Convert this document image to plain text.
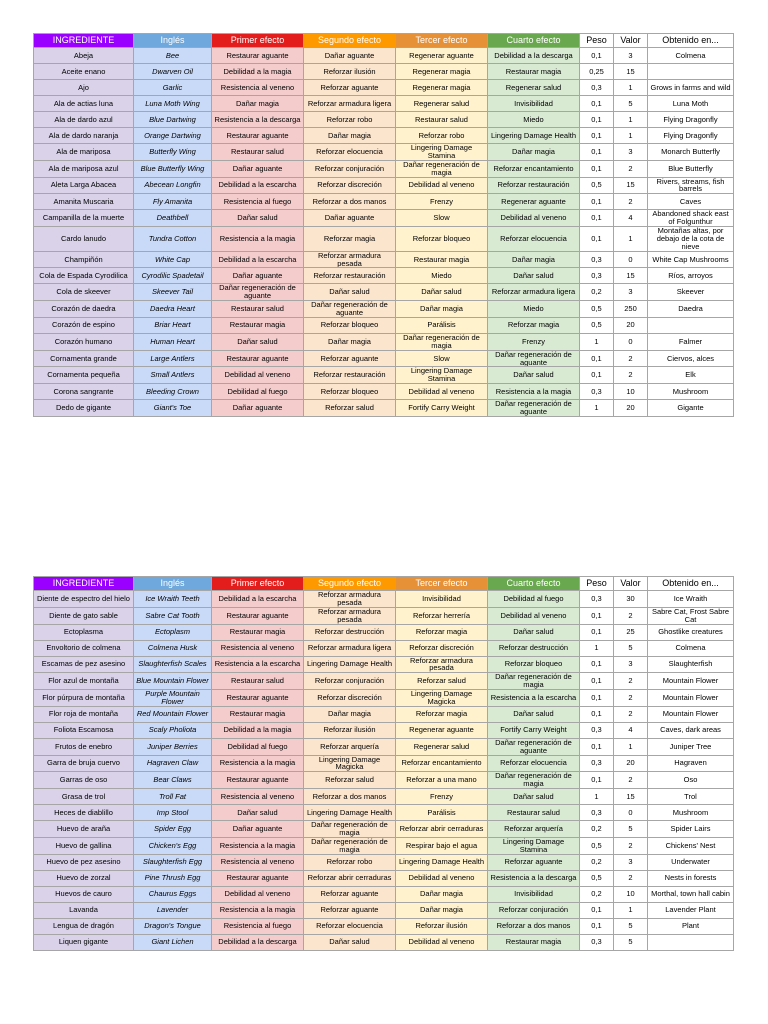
INGREDIENTE	Inglés	Primer efecto	Segundo efecto	Tercer efecto	Cuarto efecto	Peso	Valor	Obtenido en...
Abeja	Bee	Restaurar aguante	Dañar aguante	Regenerar aguante	Debilidad a la descarga	0,1	3	Colmena
Aceite enano	Dwarven Oil	Debilidad a la magia	Reforzar ilusión	Regenerar magia	Restaurar magia	0,25	15	
Ajo	Garlic	Resistencia al veneno	Reforzar aguante	Regenerar magia	Regenerar salud	0,3	1	Grows in farms and wild
Ala de actias luna	Luna Moth Wing	Dañar magia	Reforzar armadura ligera	Regenerar salud	Invisibilidad	0,1	5	Luna Moth
Ala de dardo azul	Blue Dartwing	Resistencia a la descarga	Reforzar robo	Restaurar salud	Miedo	0,1	1	Flying Dragonfly
Ala de dardo naranja	Orange Dartwing	Restaurar aguante	Dañar magia	Reforzar robo	Lingering Damage Health	0,1	1	Flying Dragonfly
Ala de mariposa	Butterfly Wing	Restaurar salud	Reforzar elocuencia	Lingering Damage Stamina	Dañar magia	0,1	3	Monarch Butterfly
Ala de mariposa azul	Blue Butterfly Wing	Dañar aguante	Reforzar conjuración	Dañar regeneración de magia	Reforzar encantamiento	0,1	2	Blue Butterfly
Aleta Larga Abacea	Abecean Longfin	Debilidad a la escarcha	Reforzar discreción	Debilidad al veneno	Reforzar restauración	0,5	15	Rivers, streams, fish barrels
Amanita Muscaria	Fly Amanita	Resistencia al fuego	Reforzar a dos manos	Frenzy	Regenerar aguante	0,1	2	Caves
Campanilla de la muerte	Deathbell	Dañar salud	Dañar aguante	Slow	Debilidad al veneno	0,1	4	Abandoned shack east of Folgunthur
Cardo lanudo	Tundra Cotton	Resistencia a la magia	Reforzar magia	Reforzar bloqueo	Reforzar elocuencia	0,1	1	Montañas altas, por debajo de la cota de nieve
Champiñón	White Cap	Debilidad a la escarcha	Reforzar armadura pesada	Restaurar magia	Dañar magia	0,3	0	White Cap Mushrooms
Cola de Espada Cyrodilica	Cyrodilic Spadetail	Dañar aguante	Reforzar restauración	Miedo	Dañar salud	0,3	15	Ríos, arroyos
Cola de skeever	Skeever Tail	Dañar regeneración de aguante	Dañar salud	Dañar salud	Reforzar armadura ligera	0,2	3	Skeever
Corazón de daedra	Daedra Heart	Restaurar salud	Dañar regeneración de aguante	Dañar magia	Miedo	0,5	250	Daedra
Corazón de espino	Briar Heart	Restaurar magia	Reforzar bloqueo	Parálisis	Reforzar magia	0,5	20	
Corazón humano	Human Heart	Dañar salud	Dañar magia	Dañar regeneración de magia	Frenzy	1	0	Falmer
Cornamenta grande	Large Antlers	Restaurar aguante	Reforzar aguante	Slow	Dañar regeneración de aguante	0,1	2	Ciervos, alces
Cornamenta pequeña	Small Antlers	Debilidad al veneno	Reforzar restauración	Lingering Damage Stamina	Dañar salud	0,1	2	Elk
Corona sangrante	Bleeding Crown	Debilidad al fuego	Reforzar bloqueo	Debilidad al veneno	Resistencia a la magia	0,3	10	Mushroom
Dedo de gigante	Giant's Toe	Dañar aguante	Reforzar salud	Fortify Carry Weight	Dañar regeneración de aguante	1	20	Gigante
INGREDIENTE	Inglés	Primer efecto	Segundo efecto	Tercer efecto	Cuarto efecto	Peso	Valor	Obtenido en...
Diente de espectro del hielo	Ice Wraith Teeth	Debilidad a la escarcha	Reforzar armadura pesada	Invisibilidad	Debilidad al fuego	0,3	30	Ice Wraith
Diente de gato sable	Sabre Cat Tooth	Restaurar aguante	Reforzar armadura pesada	Reforzar herrería	Debilidad al veneno	0,1	2	Sabre Cat, Frost Sabre Cat
Ectoplasma	Ectoplasm	Restaurar magia	Reforzar destrucción	Reforzar magia	Dañar salud	0,1	25	Ghostlike creatures
Envoltorio de colmena	Colmena Husk	Resistencia al veneno	Reforzar armadura ligera	Reforzar discreción	Reforzar destrucción	1	5	Colmena
Escamas de pez asesino	Slaughterfish Scales	Resistencia a la escarcha	Lingering Damage Health	Reforzar armadura pesada	Reforzar bloqueo	0,1	3	Slaughterfish
Flor azul de montaña	Blue Mountain Flower	Restaurar salud	Reforzar conjuración	Reforzar salud	Dañar regeneración de magia	0,1	2	Mountain Flower
Flor púrpura de montaña	Purple Mountain Flower	Restaurar aguante	Reforzar discreción	Lingering Damage Magicka	Resistencia a la escarcha	0,1	2	Mountain Flower
Flor roja de montaña	Red Mountain Flower	Restaurar magia	Dañar magia	Reforzar magia	Dañar salud	0,1	2	Mountain Flower
Foliota Escamosa	Scaly Pholiota	Debilidad a la magia	Reforzar ilusión	Regenerar aguante	Fortify Carry Weight	0,3	4	Caves, dark areas
Frutos de enebro	Juniper Berries	Debilidad al fuego	Reforzar arquería	Regenerar salud	Dañar regeneración de aguante	0,1	1	Juniper Tree
Garra de bruja cuervo	Hagraven Claw	Resistencia a la magia	Lingering Damage Magicka	Reforzar encantamiento	Reforzar elocuencia	0,3	20	Hagraven
Garras de oso	Bear Claws	Restaurar aguante	Reforzar salud	Reforzar a una mano	Dañar regeneración de magia	0,1	2	Oso
Grasa de trol	Troll Fat	Resistencia al veneno	Reforzar a dos manos	Frenzy	Dañar salud	1	15	Trol
Heces de diablillo	Imp Stool	Dañar salud	Lingering Damage Health	Parálisis	Restaurar salud	0,3	0	Mushroom
Huevo de araña	Spider Egg	Dañar aguante	Dañar regeneración de magia	Reforzar abrir cerraduras	Reforzar arquería	0,2	5	Spider Lairs
Huevo de gallina	Chicken's Egg	Resistencia a la magia	Dañar regeneración de magia	Respirar bajo el agua	Lingering Damage Stamina	0,5	2	Chickens' Nest
Huevo de pez asesino	Slaughterfish Egg	Resistencia al veneno	Reforzar robo	Lingering Damage Health	Reforzar aguante	0,2	3	Underwater
Huevo de zorzal	Pine Thrush Egg	Restaurar aguante	Reforzar abrir cerraduras	Debilidad al veneno	Resistencia a la descarga	0,5	2	Nests in forests
Huevos de cauro	Chaurus Eggs	Debilidad al veneno	Reforzar aguante	Dañar magia	Invisibilidad	0,2	10	Morthal, town hall cabin
Lavanda	Lavender	Resistencia a la magia	Reforzar aguante	Dañar magia	Reforzar conjuración	0,1	1	Lavender Plant
Lengua de dragón	Dragon's Tongue	Resistencia al fuego	Reforzar elocuencia	Reforzar ilusión	Reforzar a dos manos	0,1	5	Plant
Liquen gigante	Giant Lichen	Debilidad a la descarga	Dañar salud	Debilidad al veneno	Restaurar magia	0,3	5	
